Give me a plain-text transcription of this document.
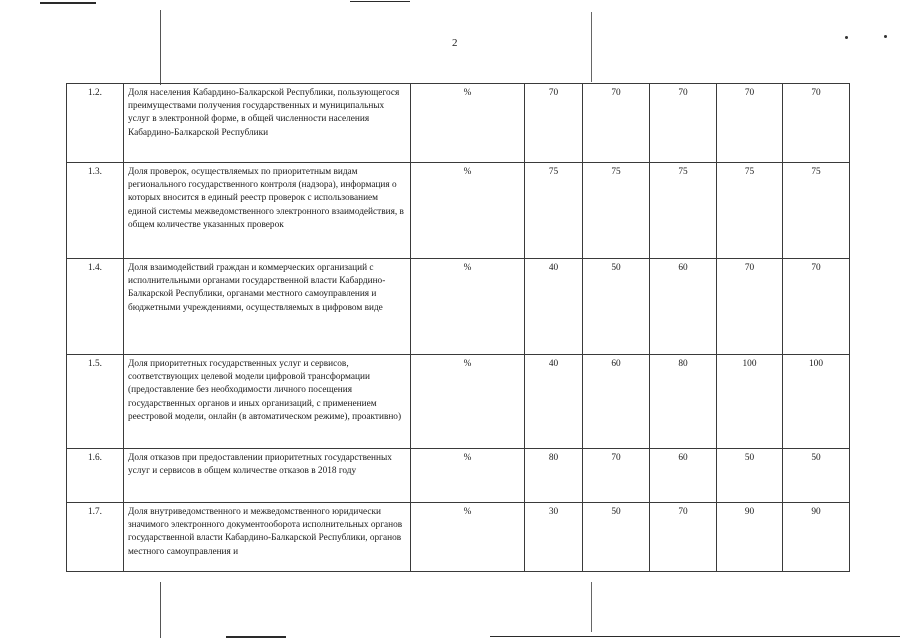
2
1.2.	Доля населения Кабардино-Балкарской Республики, пользующегося преимуществами получения государственных и муниципальных услуг в электронной форме, в общей численности населения Кабардино-Балкарской Республики	%	70	70	70	70	70
1.3.	Доля проверок, осуществляемых по приоритетным видам регионального государственного контроля (надзора), информация о которых вносится в единый реестр проверок с использованием единой системы межведомственного электронного взаимодействия, в общем количестве указанных проверок	%	75	75	75	75	75
1.4.	Доля взаимодействий граждан и коммерческих организаций с исполнительными органами государственной власти Кабардино-Балкарской Республики, органами местного самоуправления и бюджетными учреждениями, осуществляемых в цифровом виде	%	40	50	60	70	70
1.5.	Доля приоритетных государственных услуг и сервисов, соответствующих целевой модели цифровой трансформации (предоставление без необходимости личного посещения государственных органов и иных организаций, с применением реестровой модели, онлайн (в автоматическом режиме), проактивно)	%	40	60	80	100	100
1.6.	Доля отказов при предоставлении приоритетных государственных услуг и сервисов в общем количестве отказов в 2018 году	%	80	70	60	50	50
1.7.	Доля внутриведомственного и межведомственного юридически значимого электронного документооборота исполнительных органов государственной власти Кабардино-Балкарской Республики, органов местного самоуправления и	%	30	50	70	90	90
